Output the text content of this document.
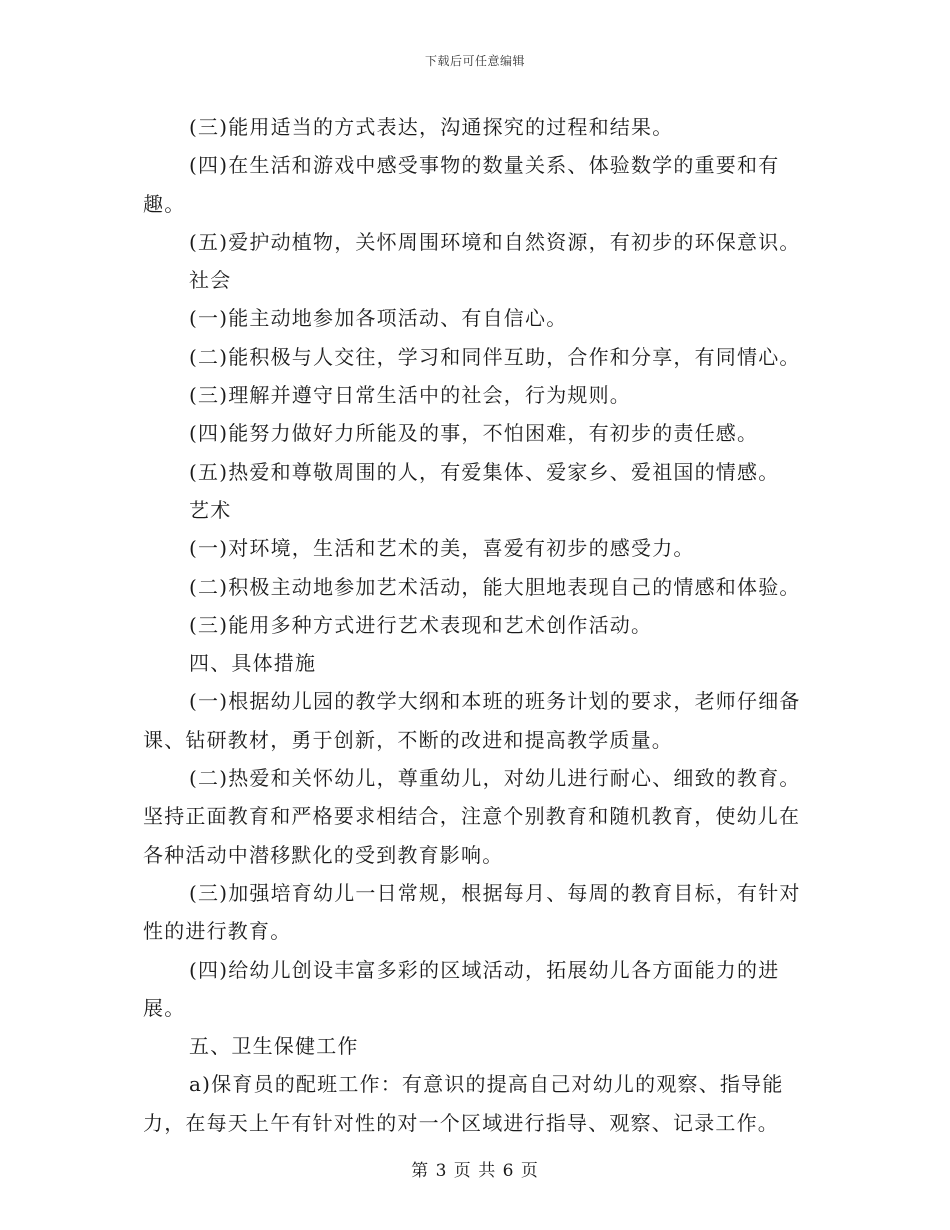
下载后可任意编辑

(三)能用适当的方式表达，沟通探究的过程和结果。

(四)在生活和游戏中感受事物的数量关系、体验数学的重要和有趣。

(五)爱护动植物，关怀周围环境和自然资源，有初步的环保意识。

社会

(一)能主动地参加各项活动、有自信心。

(二)能积极与人交往，学习和同伴互助，合作和分享，有同情心。

(三)理解并遵守日常生活中的社会，行为规则。

(四)能努力做好力所能及的事，不怕困难，有初步的责任感。

(五)热爱和尊敬周围的人，有爱集体、爱家乡、爱祖国的情感。

艺术

(一)对环境，生活和艺术的美，喜爱有初步的感受力。

(二)积极主动地参加艺术活动，能大胆地表现自己的情感和体验。

(三)能用多种方式进行艺术表现和艺术创作活动。

四、具体措施

(一)根据幼儿园的教学大纲和本班的班务计划的要求，老师仔细备课、钻研教材，勇于创新，不断的改进和提高教学质量。

(二)热爱和关怀幼儿，尊重幼儿，对幼儿进行耐心、细致的教育。坚持正面教育和严格要求相结合，注意个别教育和随机教育，使幼儿在各种活动中潜移默化的受到教育影响。

(三)加强培育幼儿一日常规，根据每月、每周的教育目标，有针对性的进行教育。

(四)给幼儿创设丰富多彩的区域活动，拓展幼儿各方面能力的进展。

五、卫生保健工作

a)保育员的配班工作：有意识的提高自己对幼儿的观察、指导能力，在每天上午有针对性的对一个区域进行指导、观察、记录工作。

第 3 页 共 6 页
